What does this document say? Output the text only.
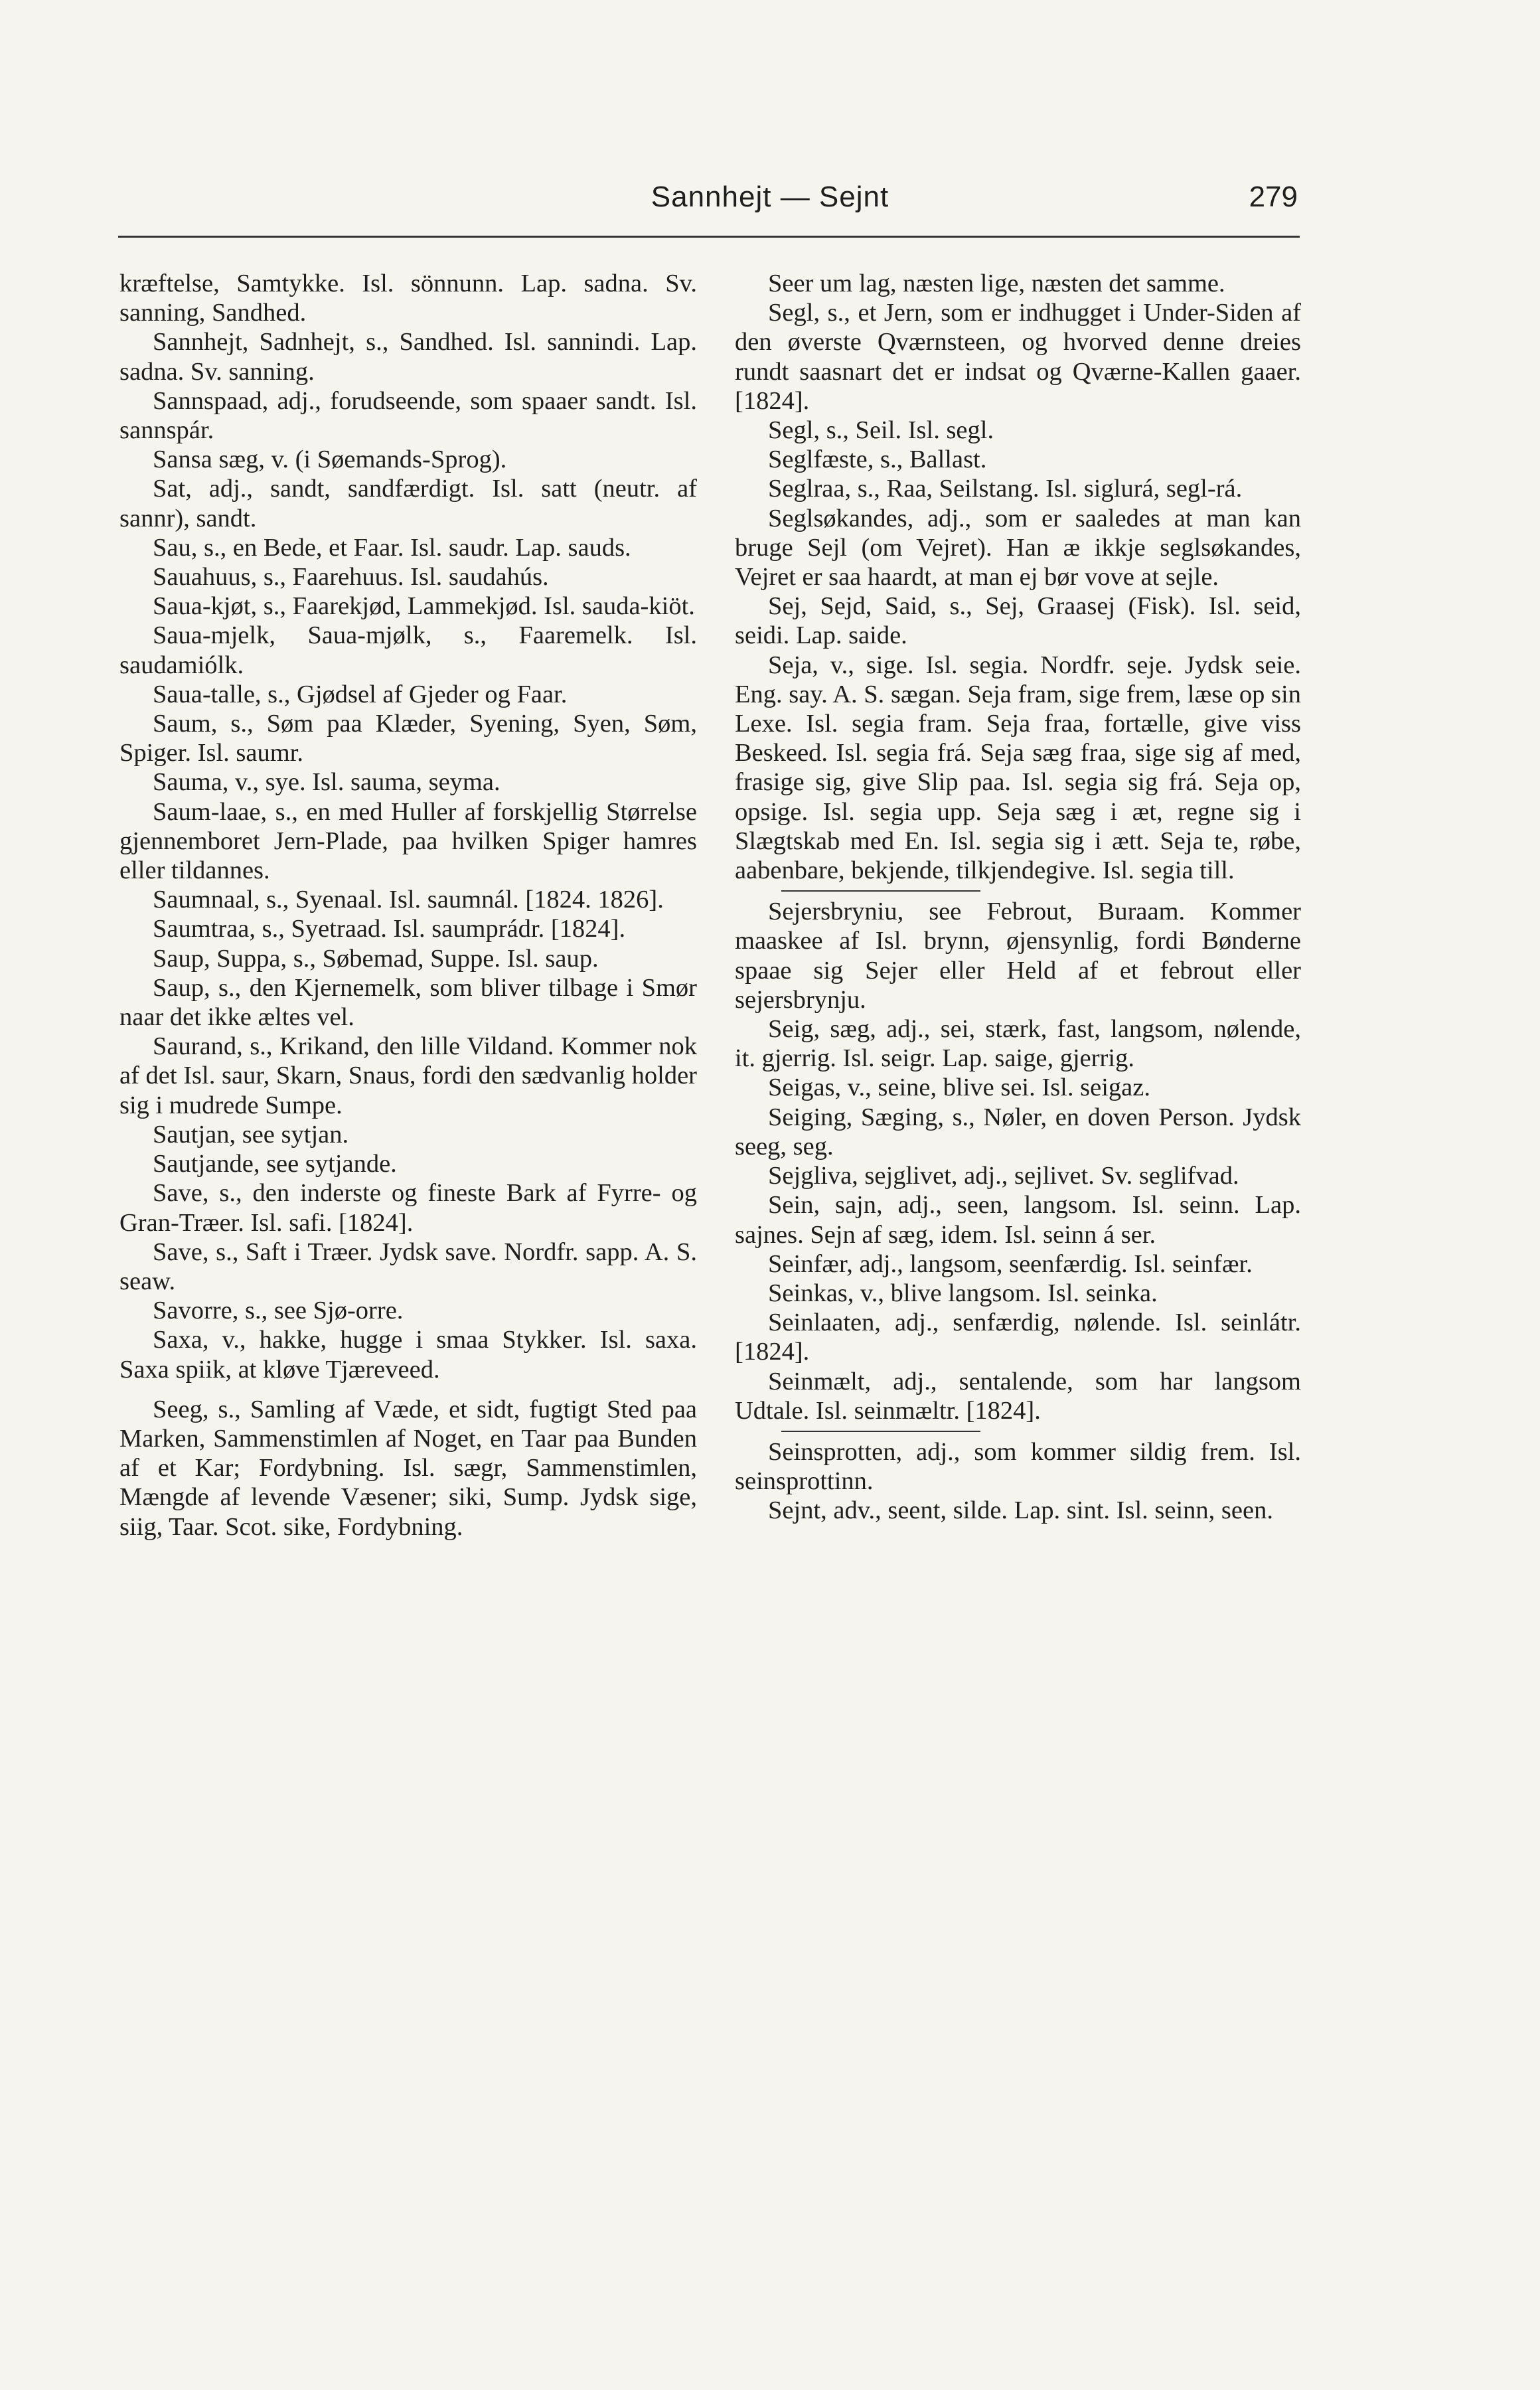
Sannhejt — Sejnt	279

kræftelse, Samtykke. Isl. sönnunn. Lap. sadna. Sv. sanning, Sandhed.

Sannhejt, Sadnhejt, s., Sandhed. Isl. sannindi. Lap. sadna. Sv. sanning.

Sannspaad, adj., forudseende, som spaaer sandt. Isl. sannspár.

Sansa sæg, v. (i Søemands-Sprog).

Sat, adj., sandt, sandfærdigt. Isl. satt (neutr. af sannr), sandt.

Sau, s., en Bede, et Faar. Isl. saudr. Lap. sauds.

Sauahuus, s., Faarehuus. Isl. saudahús.

Saua-kjøt, s., Faarekjød, Lammekjød. Isl. sauda-kiöt.

Saua-mjelk, Saua-mjølk, s., Faaremelk. Isl. saudamiólk.

Saua-talle, s., Gjødsel af Gjeder og Faar.

Saum, s., Søm paa Klæder, Syening, Syen, Søm, Spiger. Isl. saumr.

Sauma, v., sye. Isl. sauma, seyma.

Saum-laae, s., en med Huller af forskjellig Størrelse gjennemboret Jern-Plade, paa hvilken Spiger hamres eller tildannes.

Saumnaal, s., Syenaal. Isl. saumnál. [1824. 1826].

Saumtraa, s., Syetraad. Isl. saumprádr. [1824].

Saup, Suppa, s., Søbemad, Suppe. Isl. saup.

Saup, s., den Kjernemelk, som bliver tilbage i Smør naar det ikke æltes vel.

Saurand, s., Krikand, den lille Vildand. Kommer nok af det Isl. saur, Skarn, Snaus, fordi den sædvanlig holder sig i mudrede Sumpe.

Sautjan, see sytjan.

Sautjande, see sytjande.

Save, s., den inderste og fineste Bark af Fyrre- og Gran-Træer. Isl. safi. [1824].

Save, s., Saft i Træer. Jydsk save. Nordfr. sapp. A. S. seaw.

Savorre, s., see Sjø-orre.

Saxa, v., hakke, hugge i smaa Stykker. Isl. saxa. Saxa spiik, at kløve Tjæreveed.

Seeg, s., Samling af Væde, et sidt, fugtigt Sted paa Marken, Sammenstimlen af Noget, en Taar paa Bunden af et Kar; Fordybning. Isl. sægr, Sammenstimlen, Mængde af levende Væsener; siki, Sump. Jydsk sige, siig, Taar. Scot. sike, Fordybning.

Seer um lag, næsten lige, næsten det samme.

Segl, s., et Jern, som er indhugget i Under-Siden af den øverste Qværnsteen, og hvorved denne dreies rundt saasnart det er indsat og Qværne-Kallen gaaer. [1824].

Segl, s., Seil. Isl. segl.

Seglfæste, s., Ballast.

Seglraa, s., Raa, Seilstang. Isl. siglurá, segl-rá.

Seglsøkandes, adj., som er saaledes at man kan bruge Sejl (om Vejret). Han æ ikkje seglsøkandes, Vejret er saa haardt, at man ej bør vove at sejle.

Sej, Sejd, Said, s., Sej, Graasej (Fisk). Isl. seid, seidi. Lap. saide.

Seja, v., sige. Isl. segia. Nordfr. seje. Jydsk seie. Eng. say. A. S. sægan. Seja fram, sige frem, læse op sin Lexe. Isl. segia fram. Seja fraa, fortælle, give viss Beskeed. Isl. segia frá. Seja sæg fraa, sige sig af med, frasige sig, give Slip paa. Isl. segia sig frá. Seja op, opsige. Isl. segia upp. Seja sæg i æt, regne sig i Slægtskab med En. Isl. segia sig i ætt. Seja te, røbe, aabenbare, bekjende, tilkjendegive. Isl. segia till.

Sejersbryniu, see Febrout, Buraam. Kommer maaskee af Isl. brynn, øjensynlig, fordi Bønderne spaae sig Sejer eller Held af et febrout eller sejersbrynju.

Seig, sæg, adj., sei, stærk, fast, langsom, nølende, it. gjerrig. Isl. seigr. Lap. saige, gjerrig.

Seigas, v., seine, blive sei. Isl. seigaz.

Seiging, Sæging, s., Nøler, en doven Person. Jydsk seeg, seg.

Sejgliva, sejglivet, adj., sejlivet. Sv. seglifvad.

Sein, sajn, adj., seen, langsom. Isl. seinn. Lap. sajnes. Sejn af sæg, idem. Isl. seinn á ser.

Seinfær, adj., langsom, seenfærdig. Isl. seinfær.

Seinkas, v., blive langsom. Isl. seinka.

Seinlaaten, adj., senfærdig, nølende. Isl. seinlátr. [1824].

Seinmælt, adj., sentalende, som har langsom Udtale. Isl. seinmæltr. [1824].

Seinsprotten, adj., som kommer sildig frem. Isl. seinsprottinn.

Sejnt, adv., seent, silde. Lap. sint. Isl. seinn, seen.
